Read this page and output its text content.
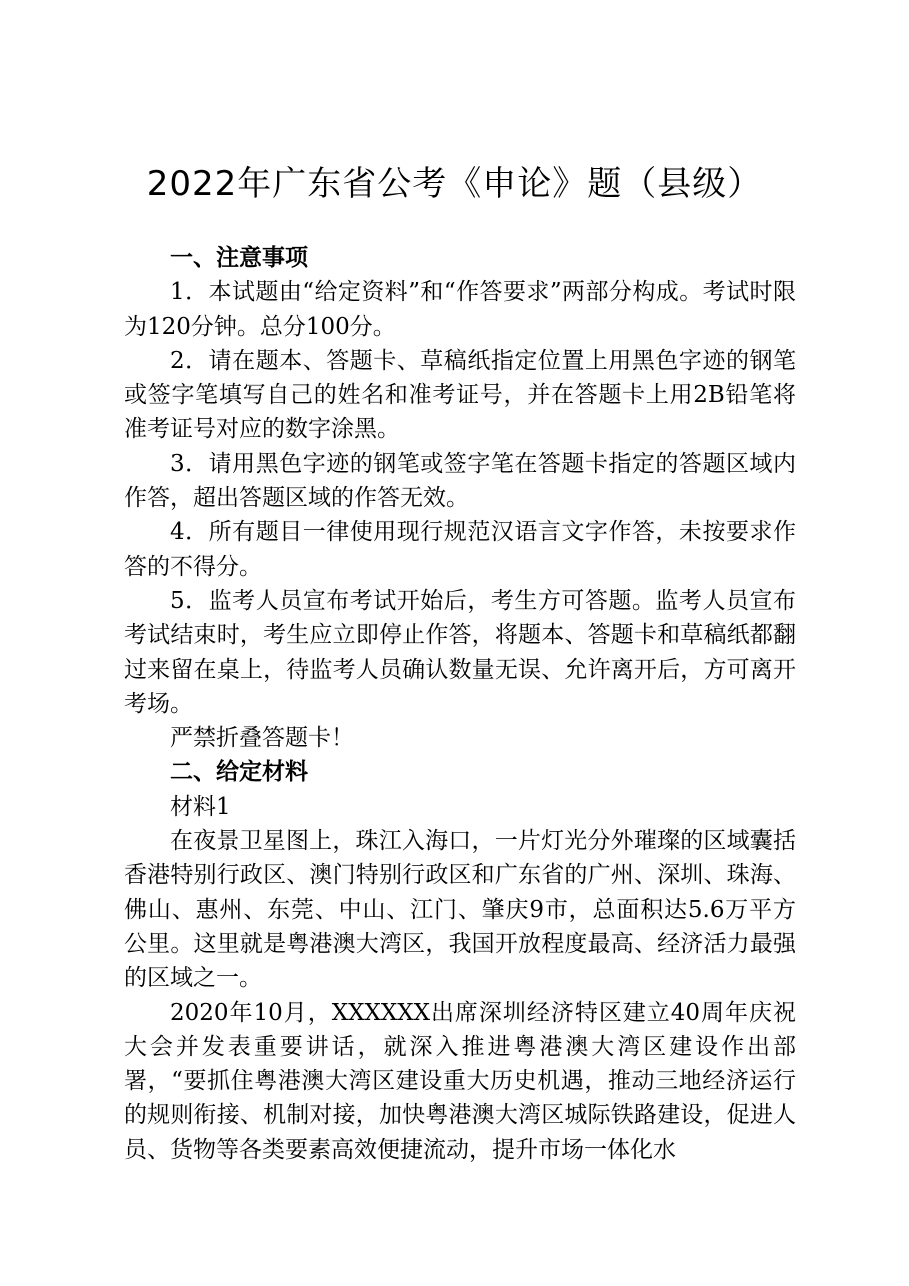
2022年广东省公考《申论》题（县级）

一、注意事项

1．本试题由“给定资料”和“作答要求”两部分构成。考试时限为120分钟。总分100分。

2．请在题本、答题卡、草稿纸指定位置上用黑色字迹的钢笔或签字笔填写自己的姓名和准考证号，并在答题卡上用2B铅笔将准考证号对应的数字涂黑。

3．请用黑色字迹的钢笔或签字笔在答题卡指定的答题区域内作答，超出答题区域的作答无效。

4．所有题目一律使用现行规范汉语言文字作答，未按要求作答的不得分。

5．监考人员宣布考试开始后，考生方可答题。监考人员宣布考试结束时，考生应立即停止作答，将题本、答题卡和草稿纸都翻过来留在桌上，待监考人员确认数量无误、允许离开后，方可离开考场。

严禁折叠答题卡！

二、给定材料

材料1

在夜景卫星图上，珠江入海口，一片灯光分外璀璨的区域囊括香港特别行政区、澳门特别行政区和广东省的广州、深圳、珠海、佛山、惠州、东莞、中山、江门、肇庆9市，总面积达5.6万平方公里。这里就是粤港澳大湾区，我国开放程度最高、经济活力最强的区域之一。

2020年10月，XXXXXX出席深圳经济特区建立40周年庆祝大会并发表重要讲话，就深入推进粤港澳大湾区建设作出部署，“要抓住粤港澳大湾区建设重大历史机遇，推动三地经济运行的规则衔接、机制对接，加快粤港澳大湾区城际铁路建设，促进人员、货物等各类要素高效便捷流动，提升市场一体化水
